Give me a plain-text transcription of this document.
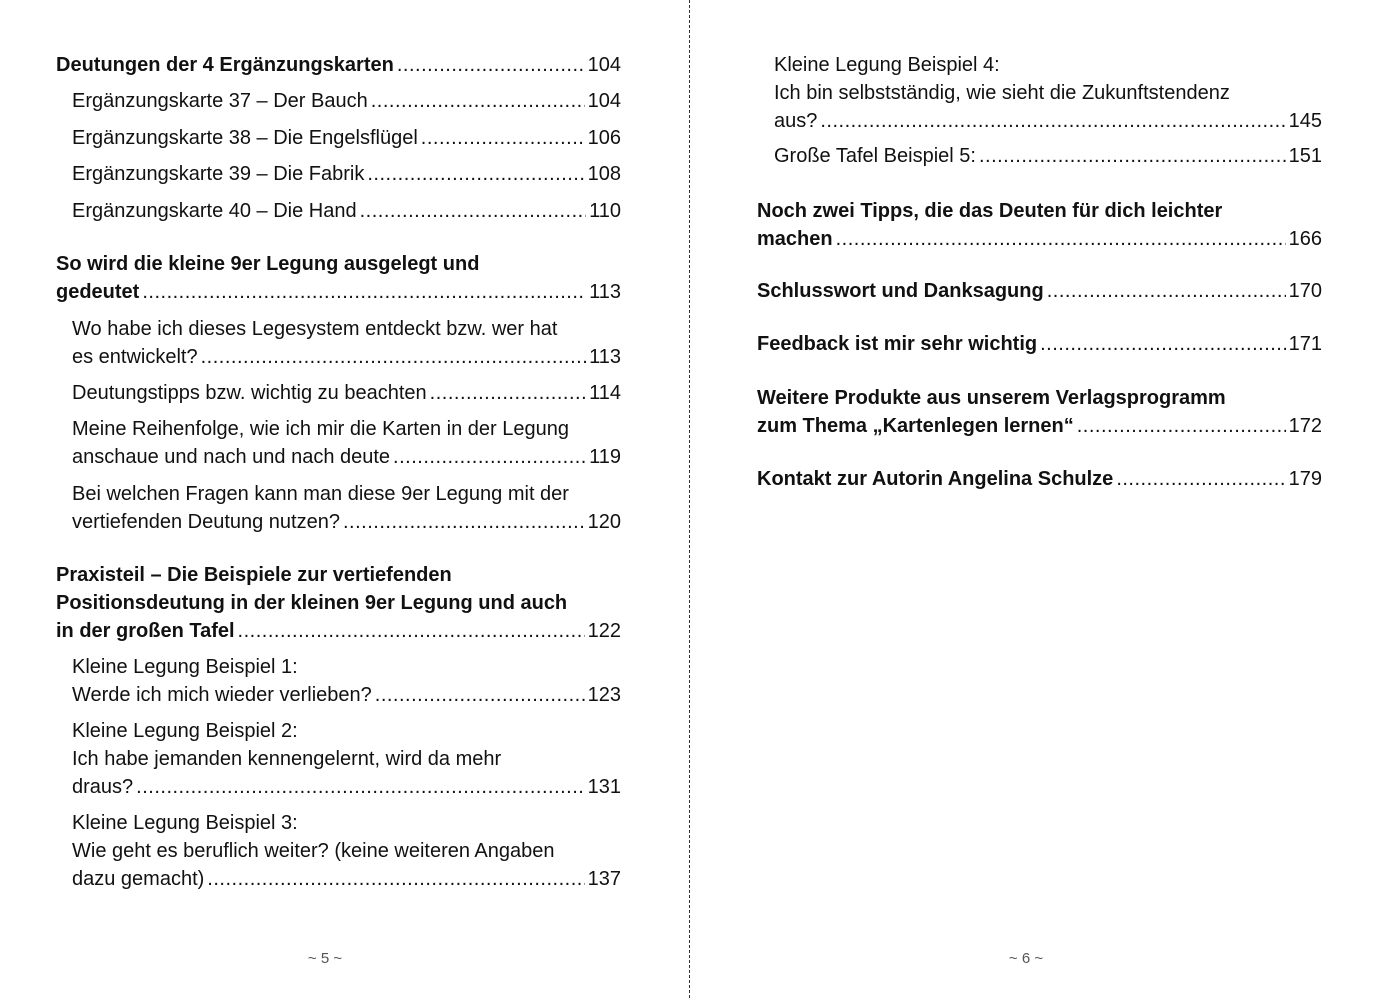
Deutungen der 4 Ergänzungskarten .....	104
Ergänzungskarte 37 – Der Bauch .....	104
Ergänzungskarte 38 – Die Engelsflügel .....	106
Ergänzungskarte 39 – Die Fabrik .....	108
Ergänzungskarte 40 – Die Hand .....	110
So wird die kleine 9er Legung ausgelegt und
gedeutet .....	113
Wo habe ich dieses Legesystem entdeckt bzw. wer hat
es entwickelt? .....	113
Deutungstipps bzw. wichtig zu beachten .....	114
Meine Reihenfolge, wie ich mir die Karten in der Legung
anschaue und nach und nach deute .....	119
Bei welchen Fragen kann man diese 9er Legung mit der
vertiefenden Deutung nutzen? .....	120
Praxisteil – Die Beispiele zur vertiefenden
Positionsdeutung in der kleinen 9er Legung und auch
in der großen Tafel .....	122
Kleine Legung Beispiel 1:
Werde ich mich wieder verlieben? .....	123
Kleine Legung Beispiel 2:
Ich habe jemanden kennengelernt, wird da mehr
draus? .....	131
Kleine Legung Beispiel 3:
Wie geht es beruflich weiter? (keine weiteren Angaben
dazu gemacht) .....	137
~ 5 ~
Kleine Legung Beispiel 4:
Ich bin selbstständig, wie sieht die Zukunftstendenz
aus? .....	145
Große Tafel Beispiel 5: .....	151
Noch zwei Tipps, die das Deuten für dich leichter
machen .....	166
Schlusswort und Danksagung .....	170
Feedback ist mir sehr wichtig .....	171
Weitere Produkte aus unserem Verlagsprogramm
zum Thema „Kartenlegen lernen“ .....	172
Kontakt zur Autorin Angelina Schulze .....	179
~ 6 ~
